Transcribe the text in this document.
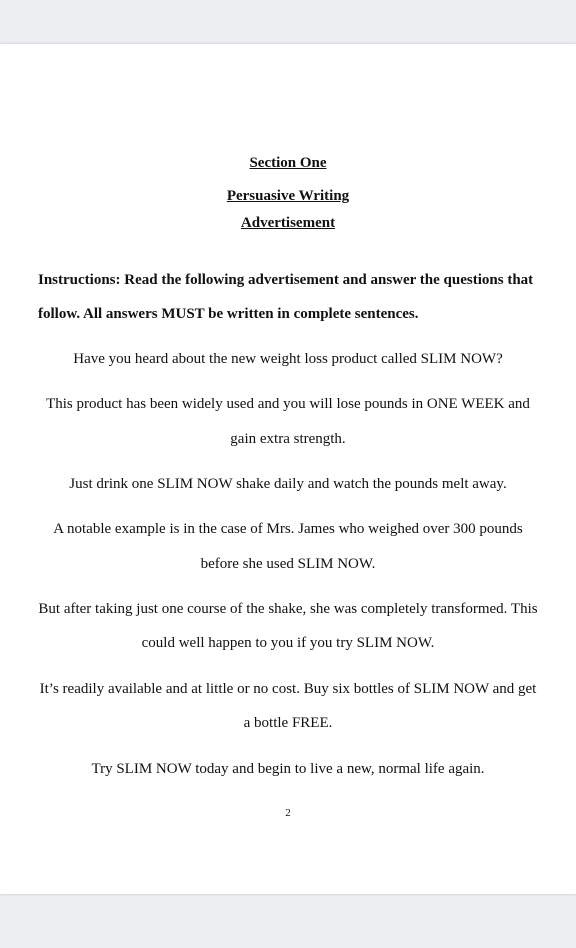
Section One
Persuasive Writing
Advertisement
Instructions: Read the following advertisement and answer the questions that
follow. All answers MUST be written in complete sentences.
Have you heard about the new weight loss product called SLIM NOW?
This product has been widely used and you will lose pounds in ONE WEEK and
gain extra strength.
Just drink one SLIM NOW shake daily and watch the pounds melt away.
A notable example is in the case of Mrs. James who weighed over 300 pounds
before she used SLIM NOW.
But after taking just one course of the shake, she was completely transformed. This
could well happen to you if you try SLIM NOW.
It’s readily available and at little or no cost. Buy six bottles of SLIM NOW and get
a bottle FREE.
Try SLIM NOW today and begin to live a new, normal life again.
2
